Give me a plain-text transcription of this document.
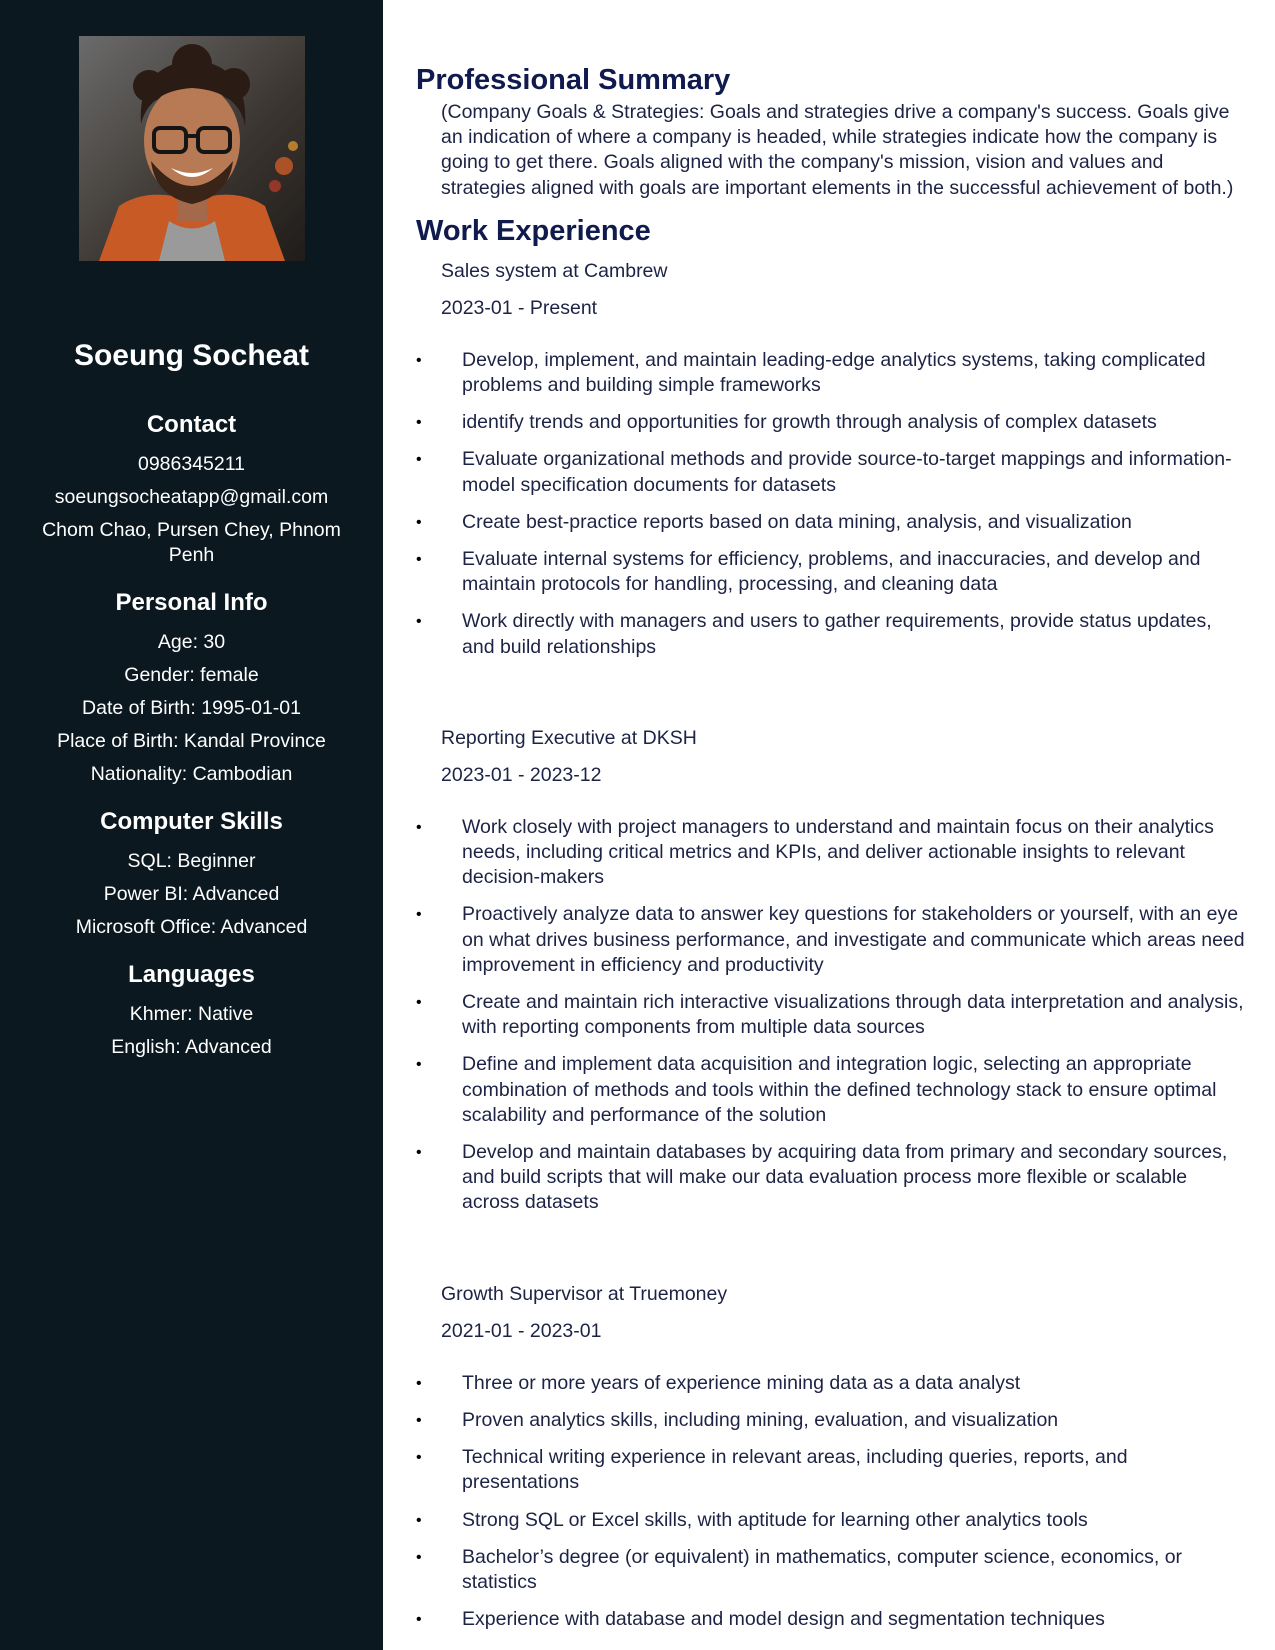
Soeung Socheat
Contact
0986345211
soeungsocheatapp@gmail.com
Chom Chao, Pursen Chey, Phnom Penh
Personal Info
Age: 30
Gender: female
Date of Birth: 1995-01-01
Place of Birth: Kandal Province
Nationality: Cambodian
Computer Skills
SQL: Beginner
Power BI: Advanced
Microsoft Office: Advanced
Languages
Khmer: Native
English: Advanced
Professional Summary
(Company Goals & Strategies: Goals and strategies drive a company's success. Goals give an indication of where a company is headed, while strategies indicate how the company is going to get there. Goals aligned with the company's mission, vision and values and strategies aligned with goals are important elements in the successful achievement of both.)
Work Experience
Sales system at Cambrew
2023-01 - Present
•
Develop, implement, and maintain leading-edge analytics systems, taking complicated problems and building simple frameworks
•
identify trends and opportunities for growth through analysis of complex datasets
•
Evaluate organizational methods and provide source-to-target mappings and information-model specification documents for datasets
•
Create best-practice reports based on data mining, analysis, and visualization
•
Evaluate internal systems for efficiency, problems, and inaccuracies, and develop and maintain protocols for handling, processing, and cleaning data
•
Work directly with managers and users to gather requirements, provide status updates, and build relationships
Reporting Executive at DKSH
2023-01 - 2023-12
•
Work closely with project managers to understand and maintain focus on their analytics needs, including critical metrics and KPIs, and deliver actionable insights to relevant decision-makers
•
Proactively analyze data to answer key questions for stakeholders or yourself, with an eye on what drives business performance, and investigate and communicate which areas need improvement in efficiency and productivity
•
Create and maintain rich interactive visualizations through data interpretation and analysis, with reporting components from multiple data sources
•
Define and implement data acquisition and integration logic, selecting an appropriate combination of methods and tools within the defined technology stack to ensure optimal scalability and performance of the solution
•
Develop and maintain databases by acquiring data from primary and secondary sources, and build scripts that will make our data evaluation process more flexible or scalable across datasets
Growth Supervisor at Truemoney
2021-01 - 2023-01
•
Three or more years of experience mining data as a data analyst
•
Proven analytics skills, including mining, evaluation, and visualization
•
Technical writing experience in relevant areas, including queries, reports, and presentations
•
Strong SQL or Excel skills, with aptitude for learning other analytics tools
•
Bachelor’s degree (or equivalent) in mathematics, computer science, economics, or statistics
•
Experience with database and model design and segmentation techniques
